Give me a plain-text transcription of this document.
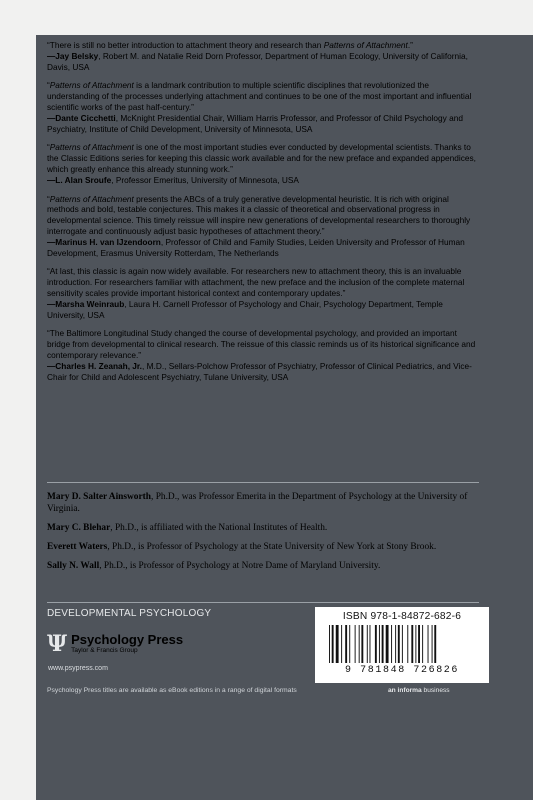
“There is still no better introduction to attachment theory and research than Patterns of Attachment.”
—Jay Belsky, Robert M. and Natalie Reid Dorn Professor, Department of Human Ecology, University of California, Davis, USA
“Patterns of Attachment is a landmark contribution to multiple scientific disciplines that revolutionized the understanding of the processes underlying attachment and continues to be one of the most important and influential scientific works of the past half-century.”
—Dante Cicchetti, McKnight Presidential Chair, William Harris Professor, and Professor of Child Psychology and Psychiatry, Institute of Child Development, University of Minnesota, USA
“Patterns of Attachment is one of the most important studies ever conducted by developmental scientists. Thanks to the Classic Editions series for keeping this classic work available and for the new preface and expanded appendices, which greatly enhance this already stunning work.”
—L. Alan Sroufe, Professor Emeritus, University of Minnesota, USA
“Patterns of Attachment presents the ABCs of a truly generative developmental heuristic. It is rich with original methods and bold, testable conjectures. This makes it a classic of theoretical and observational progress in developmental science. This timely reissue will inspire new generations of developmental researchers to thoroughly interrogate and continuously adjust basic hypotheses of attachment theory.”
—Marinus H. van IJzendoorn, Professor of Child and Family Studies, Leiden University and Professor of Human Development, Erasmus University Rotterdam, The Netherlands
“At last, this classic is again now widely available. For researchers new to attachment theory, this is an invaluable introduction. For researchers familiar with attachment, the new preface and the inclusion of the complete maternal sensitivity scales provide important historical context and contemporary updates.”
—Marsha Weinraub, Laura H. Carnell Professor of Psychology and Chair, Psychology Department, Temple University, USA
“The Baltimore Longitudinal Study changed the course of developmental psychology, and provided an important bridge from developmental to clinical research. The reissue of this classic reminds us of its historical significance and contemporary relevance.”
—Charles H. Zeanah, Jr., M.D., Sellars-Polchow Professor of Psychiatry, Professor of Clinical Pediatrics, and Vice-Chair for Child and Adolescent Psychiatry, Tulane University, USA
Mary D. Salter Ainsworth, Ph.D., was Professor Emerita in the Department of Psychology at the University of Virginia.
Mary C. Blehar, Ph.D., is affiliated with the National Institutes of Health.
Everett Waters, Ph.D., is Professor of Psychology at the State University of New York at Stony Brook.
Sally N. Wall, Ph.D., is Professor of Psychology at Notre Dame of Maryland University.
DEVELOPMENTAL PSYCHOLOGY
Ψ Psychology Press
Taylor & Francis Group
www.psypress.com
Psychology Press titles are available as eBook editions in a range of digital formats
ISBN 978-1-84872-682-6
9 781848 726826
an informa business
